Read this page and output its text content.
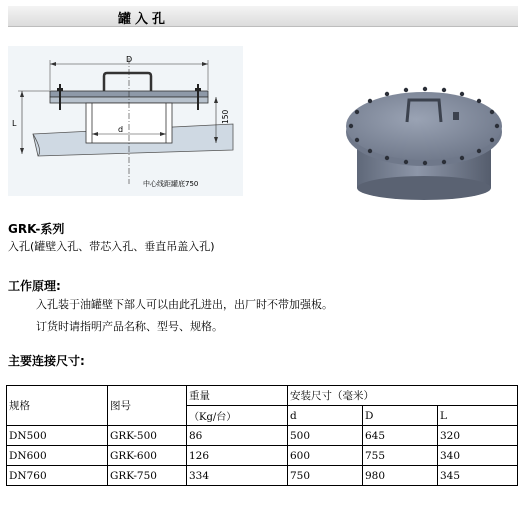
罐入孔
D
d
L	150
中心线距罐底750
GRK-系列
入孔(罐壁入孔、带芯入孔、垂直吊盖入孔)
工作原理:
入孔装于油罐壁下部人可以由此孔进出，出厂时不带加强板。
订货时请指明产品名称、型号、规格。
主要连接尺寸:
规格	图号	重量	安装尺寸（毫米）		
		（Kg/台）	d	D	L
DN500	GRK-500	86	500	645	320
DN600	GRK-600	126	600	755	340
DN760	GRK-750	334	750	980	345
